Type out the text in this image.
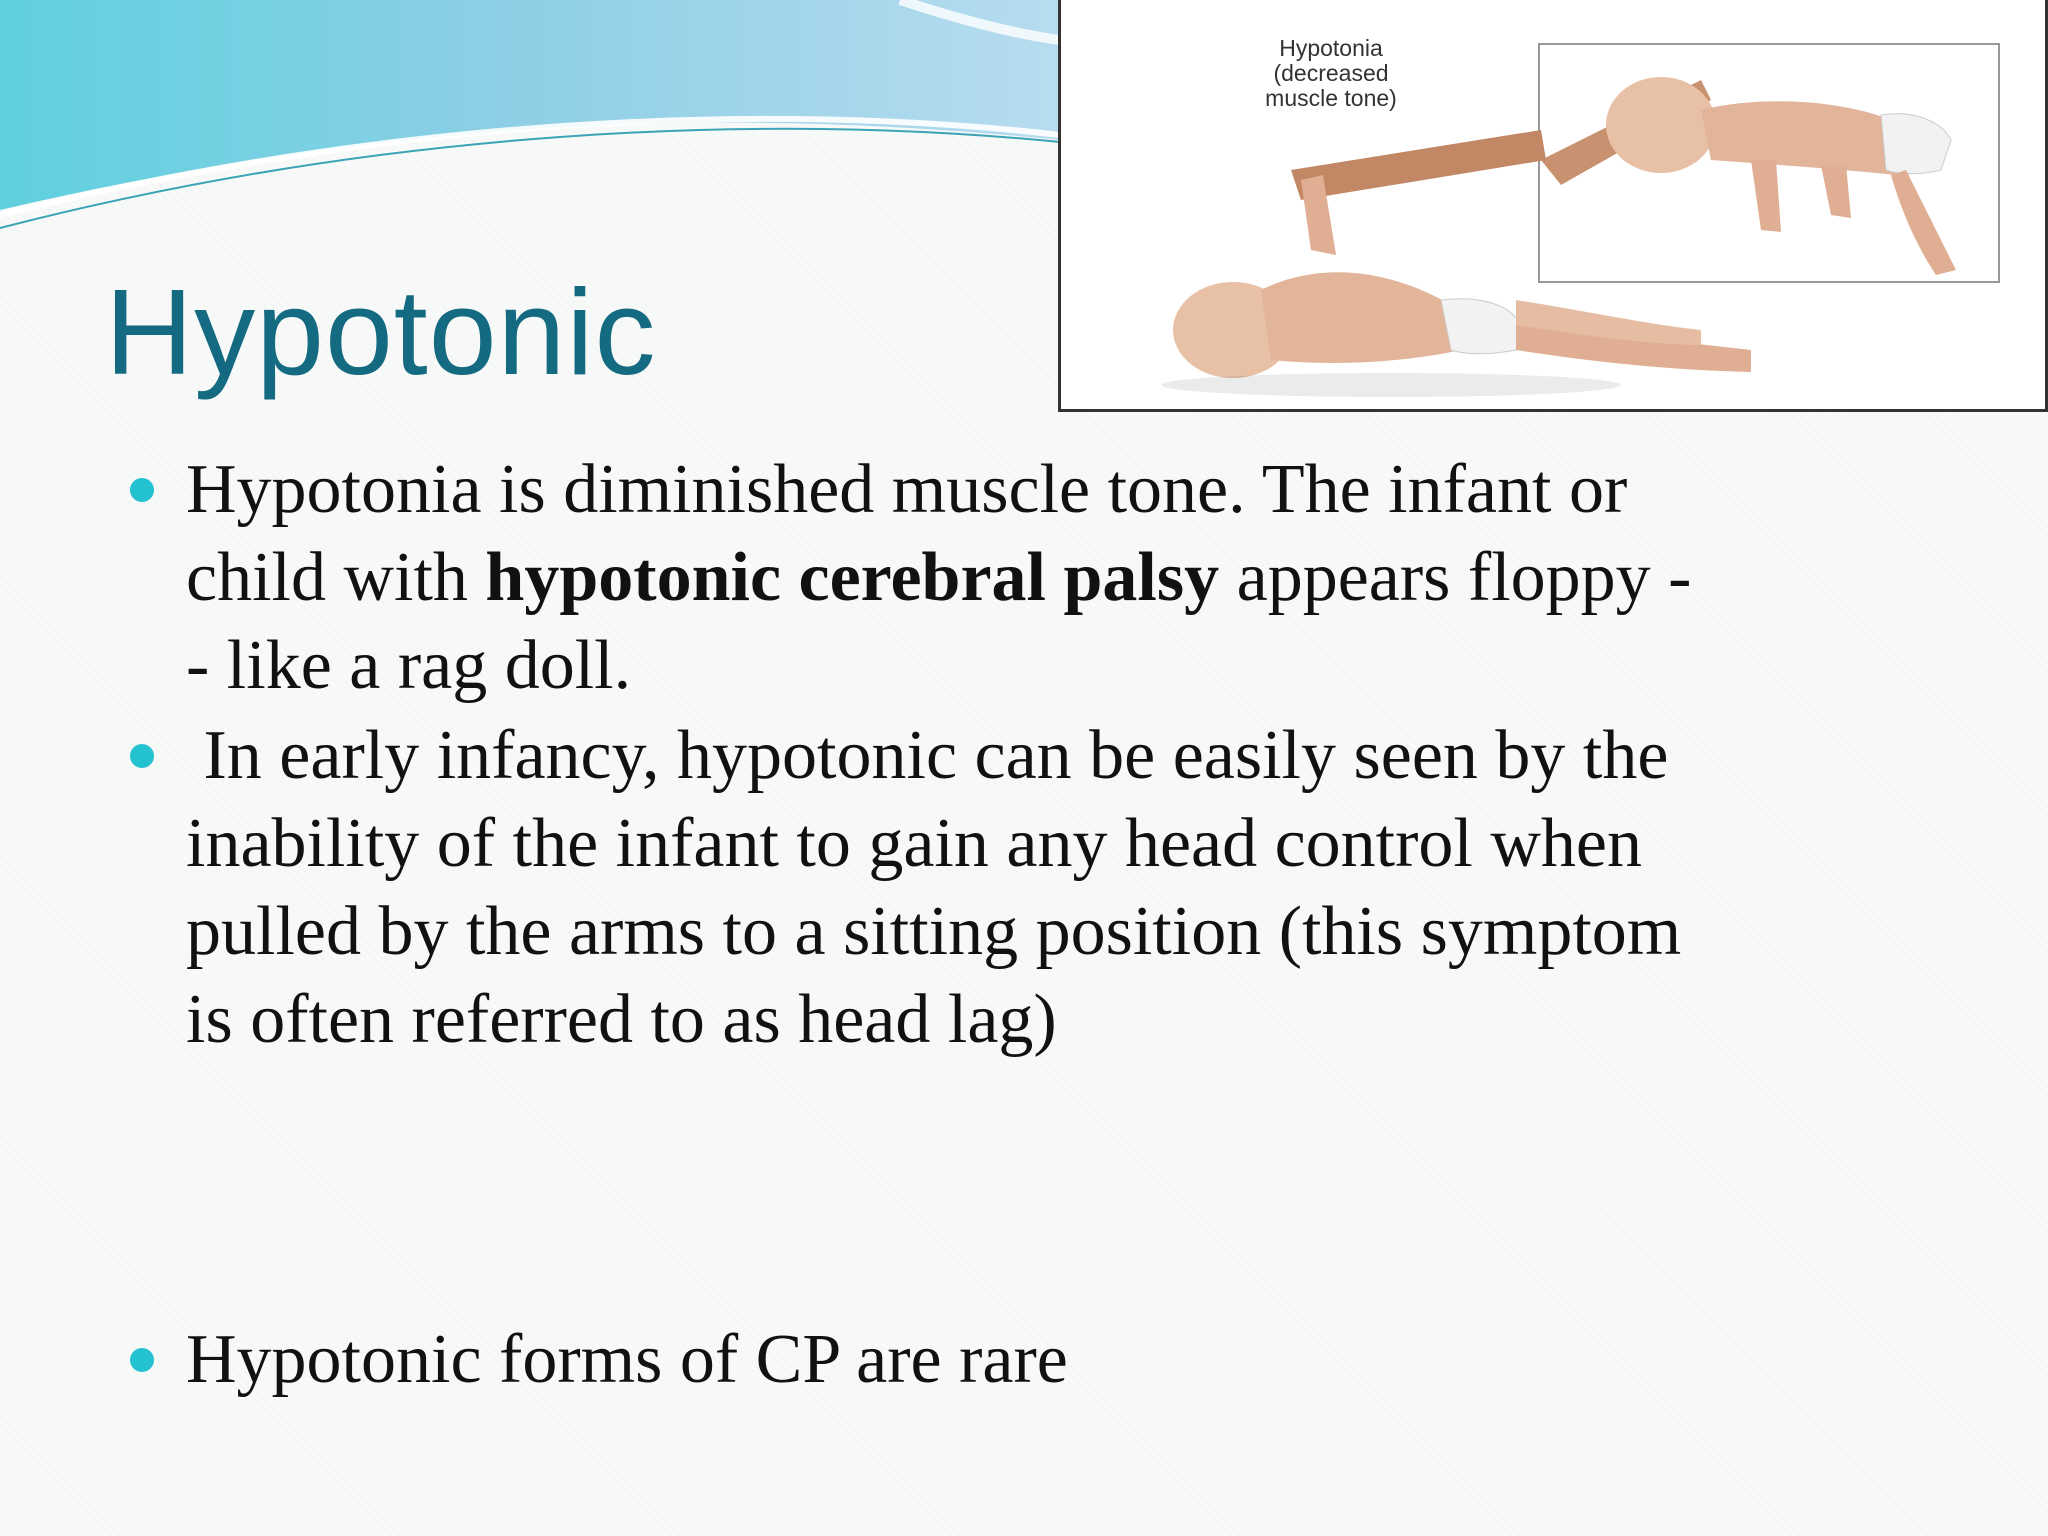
Hypotonic
Hypotonia
(decreased
muscle tone)
Hypotonia is diminished muscle tone. The infant or
child with hypotonic cerebral palsy appears floppy -
- like a rag doll.
In early infancy, hypotonic can be easily seen by the
inability of the infant to gain any head control when
pulled by the arms to a sitting position (this symptom
is often referred to as head lag)
Hypotonic forms of CP are rare
